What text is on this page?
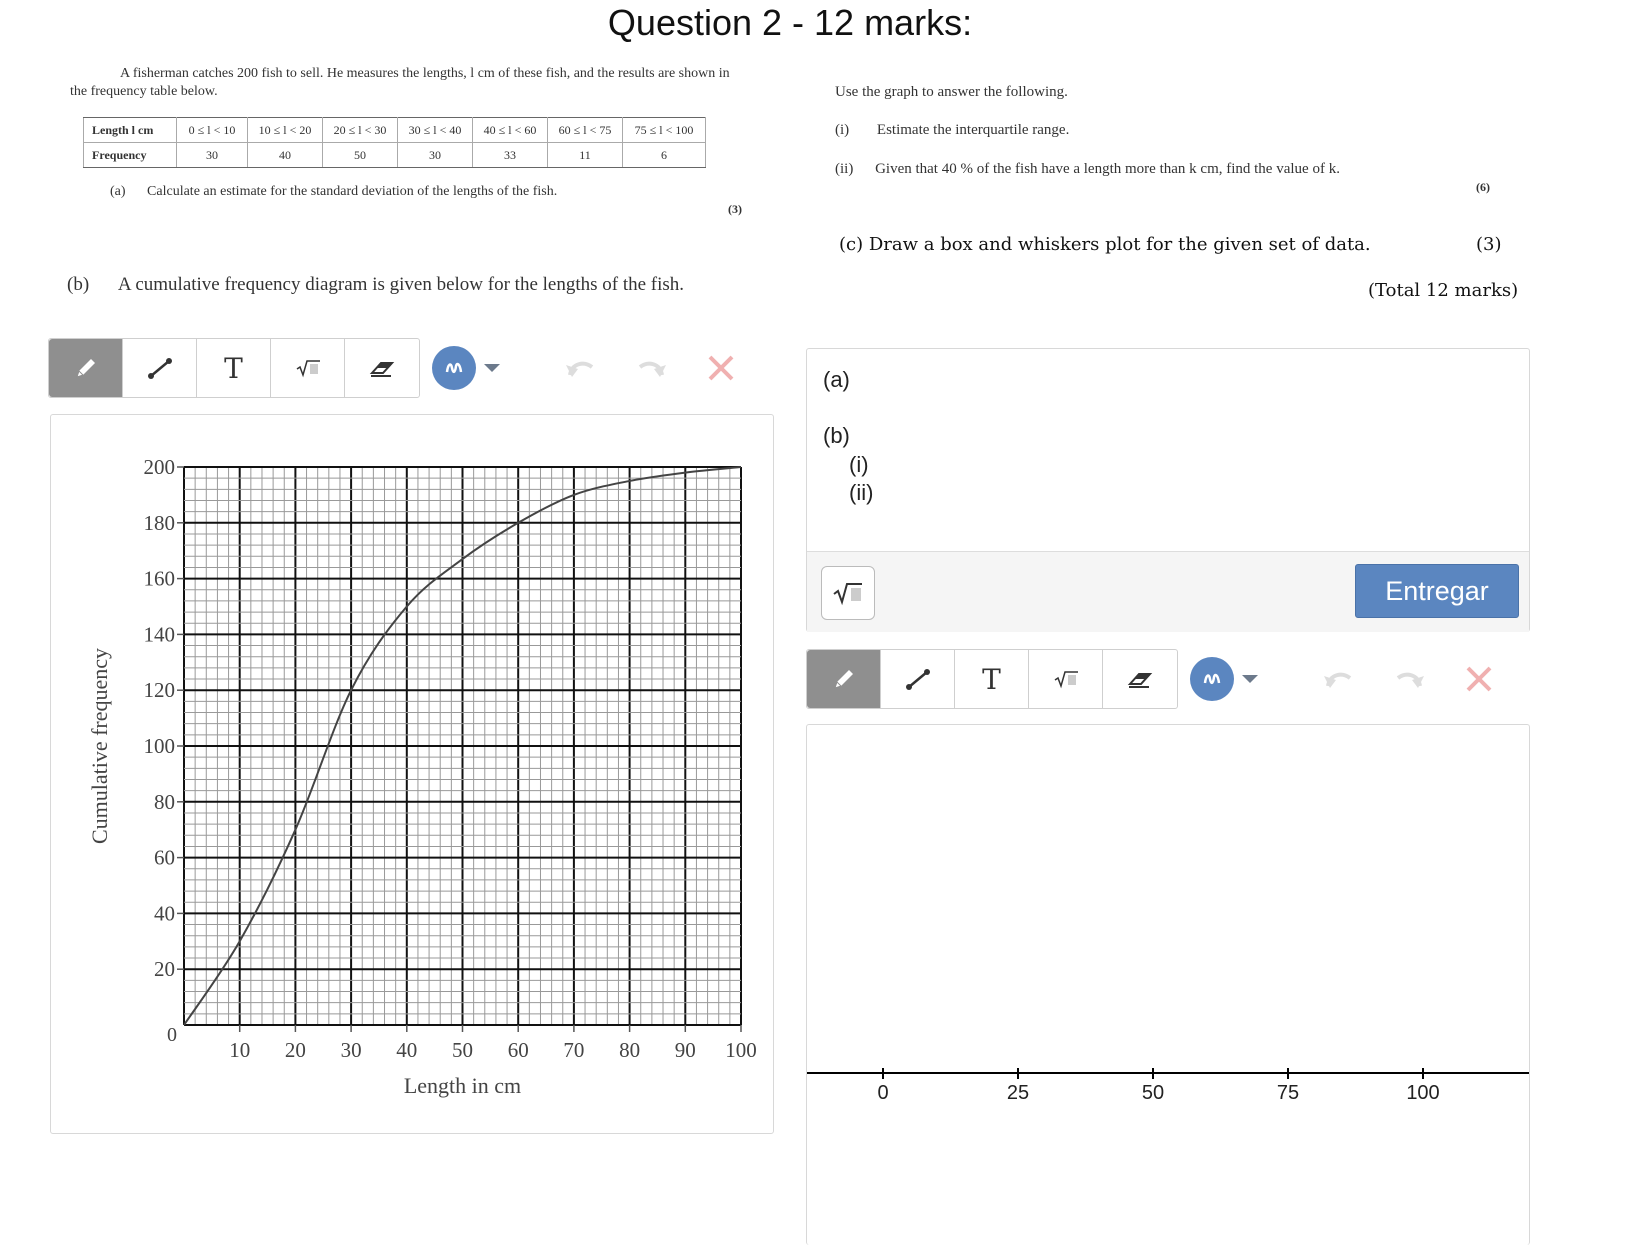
Question 2 - 12 marks:

A fisherman catches 200 fish to sell. He measures the lengths, l cm of these fish, and the results are shown in the frequency table below.

Length l cm	0 ≤ l < 10	10 ≤ l < 20	20 ≤ l < 30	30 ≤ l < 40	40 ≤ l < 60	60 ≤ l < 75	75 ≤ l < 100
Frequency	30	40	50	30	33	11	6
(a) Calculate an estimate for the standard deviation of the lengths of the fish.
(3)
(b) A cumulative frequency diagram is given below for the lengths of the fish.
Use the graph to answer the following.
(i) Estimate the interquartile range.
(ii) Given that 40 % of the fish have a length more than k cm, find the value of k.
(6)
(c) Draw a box and whiskers plot for the given set of data.	(3)
(Total 12 marks)
T
200
180
160
140
120
100
80
60
40
20
0
10 20 30 40 50 60 70 80 90 100
Length in cm
Cumulative frequency
(a)
(b)
(i)
(ii)
Entregar
T
0	25	50	75	100
